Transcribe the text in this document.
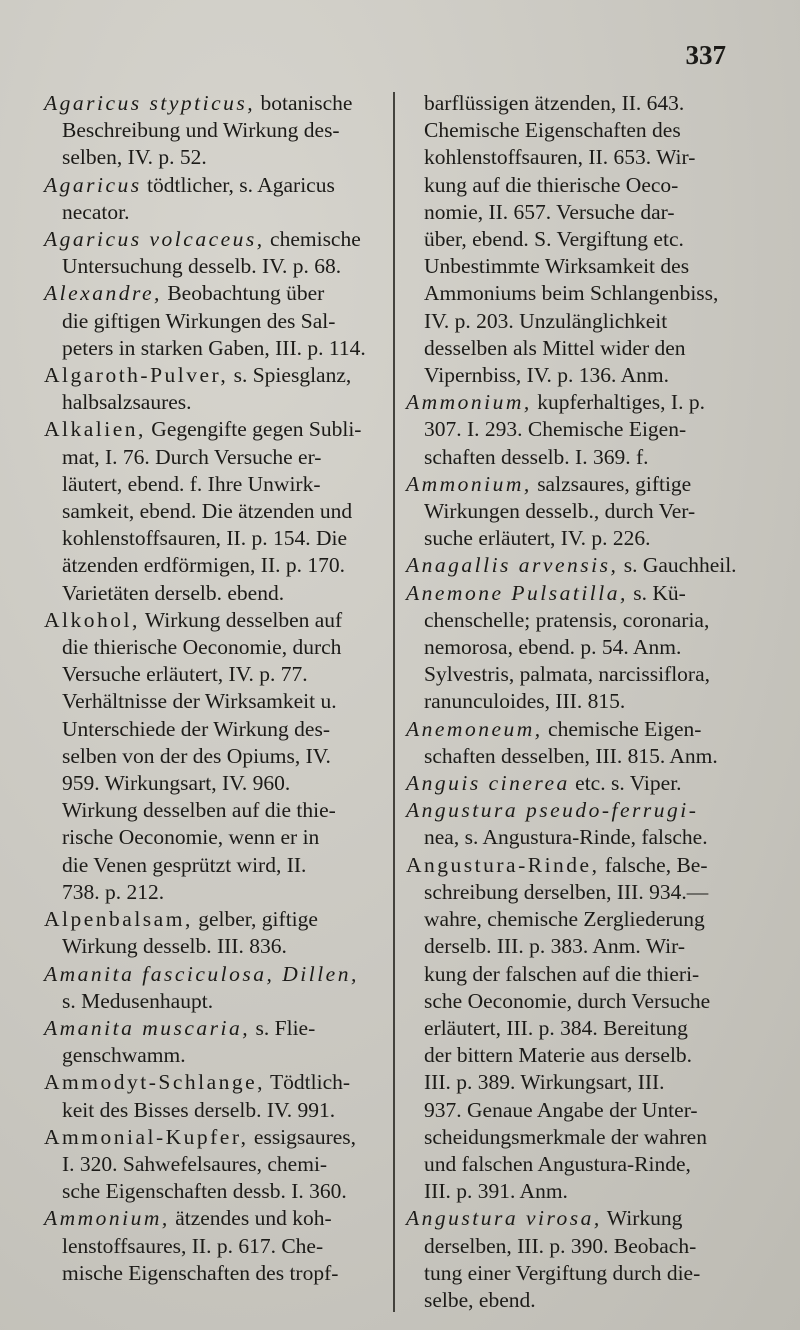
337
Agaricus stypticus, botanische
Beschreibung und Wirkung des-
selben, IV. p. 52.
Agaricus tödtlicher, s. Agaricus
necator.
Agaricus volcaceus, chemische
Untersuchung desselb. IV. p. 68.
Alexandre, Beobachtung über
die giftigen Wirkungen des Sal-
peters in starken Gaben, III. p. 114.
Algaroth-Pulver, s. Spiesglanz,
halbsalzsaures.
Alkalien, Gegengifte gegen Subli-
mat, I. 76. Durch Versuche er-
läutert, ebend. f. Ihre Unwirk-
samkeit, ebend. Die ätzenden und
kohlenstoffsauren, II. p. 154. Die
ätzenden erdförmigen, II. p. 170.
Varietäten derselb. ebend.
Alkohol, Wirkung desselben auf
die thierische Oeconomie, durch
Versuche erläutert, IV. p. 77.
Verhältnisse der Wirksamkeit u.
Unterschiede der Wirkung des-
selben von der des Opiums, IV.
959. Wirkungsart, IV. 960.
Wirkung desselben auf die thie-
rische Oeconomie, wenn er in
die Venen gesprützt wird, II.
738. p. 212.
Alpenbalsam, gelber, giftige
Wirkung desselb. III. 836.
Amanita fasciculosa, Dillen,
s. Medusenhaupt.
Amanita muscaria, s. Flie-
genschwamm.
Ammodyt-Schlange, Tödtlich-
keit des Bisses derselb. IV. 991.
Ammonial-Kupfer, essigsaures,
I. 320. Sahwefelsaures, chemi-
sche Eigenschaften dessb. I. 360.
Ammonium, ätzendes und koh-
lenstoffsaures, II. p. 617. Che-
mische Eigenschaften des tropf-
barflüssigen ätzenden, II. 643.
Chemische Eigenschaften des
kohlenstoffsauren, II. 653. Wir-
kung auf die thierische Oeco-
nomie, II. 657. Versuche dar-
über, ebend. S. Vergiftung etc.
Unbestimmte Wirksamkeit des
Ammoniums beim Schlangenbiss,
IV. p. 203. Unzulänglichkeit
desselben als Mittel wider den
Vipernbiss, IV. p. 136. Anm.
Ammonium, kupferhaltiges, I. p.
307. I. 293. Chemische Eigen-
schaften desselb. I. 369. f.
Ammonium, salzsaures, giftige
Wirkungen desselb., durch Ver-
suche erläutert, IV. p. 226.
Anagallis arvensis, s. Gauchheil.
Anemone Pulsatilla, s. Kü-
chenschelle; pratensis, coronaria,
nemorosa, ebend. p. 54. Anm.
Sylvestris, palmata, narcissiflora,
ranunculoides, III. 815.
Anemoneum, chemische Eigen-
schaften desselben, III. 815. Anm.
Anguis cinerea etc. s. Viper.
Angustura pseudo-ferrugi-
nea, s. Angustura-Rinde, falsche.
Angustura-Rinde, falsche, Be-
schreibung derselben, III. 934.—
wahre, chemische Zergliederung
derselb. III. p. 383. Anm. Wir-
kung der falschen auf die thieri-
sche Oeconomie, durch Versuche
erläutert, III. p. 384. Bereitung
der bittern Materie aus derselb.
III. p. 389. Wirkungsart, III.
937. Genaue Angabe der Unter-
scheidungsmerkmale der wahren
und falschen Angustura-Rinde,
III. p. 391. Anm.
Angustura virosa, Wirkung
derselben, III. p. 390. Beobach-
tung einer Vergiftung durch die-
selbe, ebend.
